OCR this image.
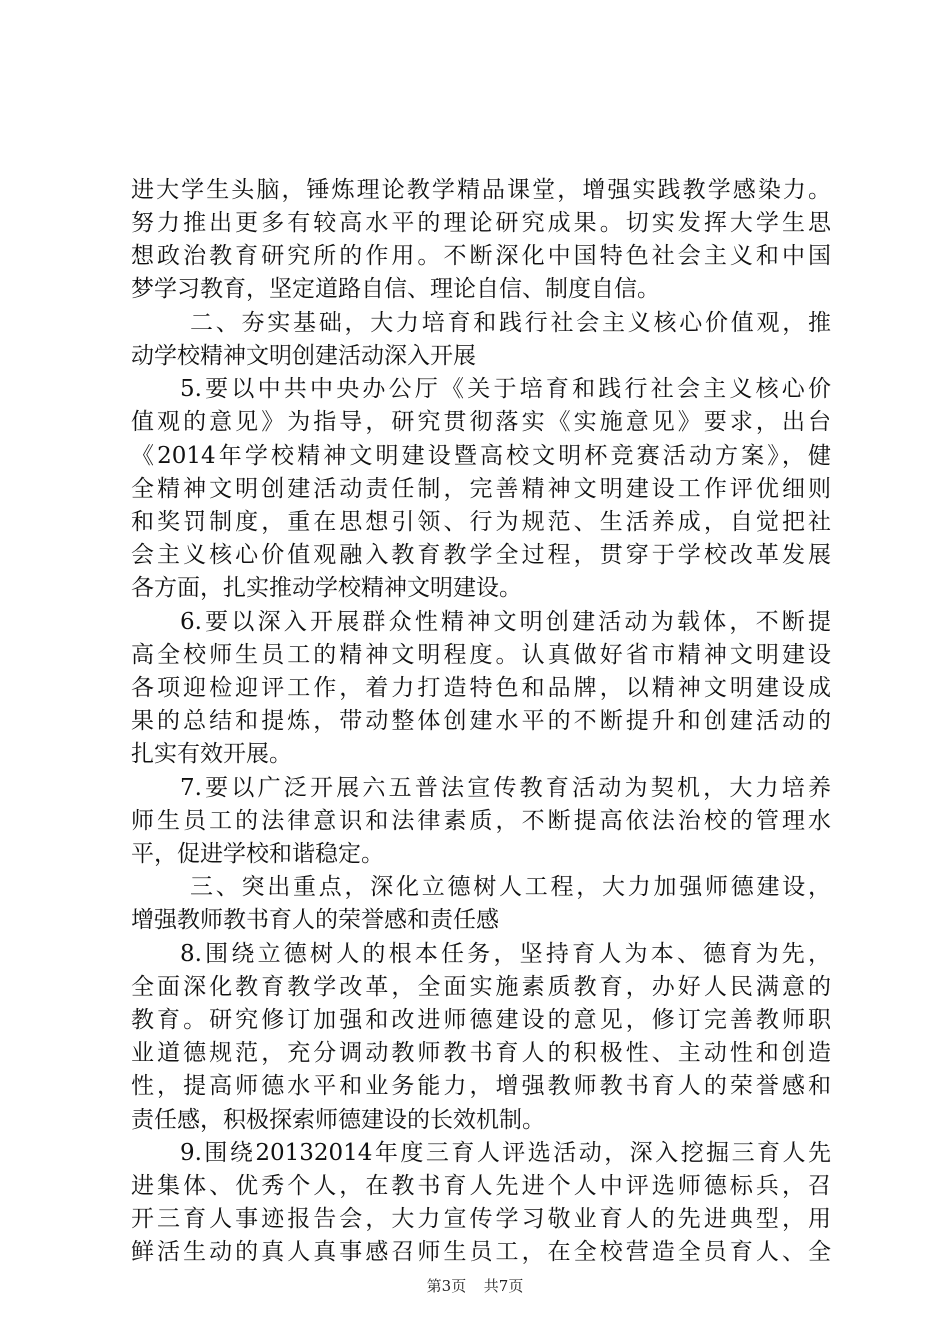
进大学生头脑，锤炼理论教学精品课堂，增强实践教学感染力。
努力推出更多有较高水平的理论研究成果。切实发挥大学生思
想政治教育研究所的作用。不断深化中国特色社会主义和中国
梦学习教育，坚定道路自信、理论自信、制度自信。
二、夯实基础，大力培育和践行社会主义核心价值观，推
动学校精神文明创建活动深入开展
5.要以中共中央办公厅《关于培育和践行社会主义核心价
值观的意见》为指导，研究贯彻落实《实施意见》要求，出台
《2014年学校精神文明建设暨高校文明杯竞赛活动方案》，健
全精神文明创建活动责任制，完善精神文明建设工作评优细则
和奖罚制度，重在思想引领、行为规范、生活养成，自觉把社
会主义核心价值观融入教育教学全过程，贯穿于学校改革发展
各方面，扎实推动学校精神文明建设。
6.要以深入开展群众性精神文明创建活动为载体，不断提
高全校师生员工的精神文明程度。认真做好省市精神文明建设
各项迎检迎评工作，着力打造特色和品牌，以精神文明建设成
果的总结和提炼，带动整体创建水平的不断提升和创建活动的
扎实有效开展。
7.要以广泛开展六五普法宣传教育活动为契机，大力培养
师生员工的法律意识和法律素质，不断提高依法治校的管理水
平，促进学校和谐稳定。
三、突出重点，深化立德树人工程，大力加强师德建设，
增强教师教书育人的荣誉感和责任感
8.围绕立德树人的根本任务，坚持育人为本、德育为先，
全面深化教育教学改革，全面实施素质教育，办好人民满意的
教育。研究修订加强和改进师德建设的意见，修订完善教师职
业道德规范，充分调动教师教书育人的积极性、主动性和创造
性，提高师德水平和业务能力，增强教师教书育人的荣誉感和
责任感，积极探索师德建设的长效机制。
9.围绕20132014年度三育人评选活动，深入挖掘三育人先
进集体、优秀个人，在教书育人先进个人中评选师德标兵，召
开三育人事迹报告会，大力宣传学习敬业育人的先进典型，用
鲜活生动的真人真事感召师生员工，在全校营造全员育人、全
第3页 共7页
